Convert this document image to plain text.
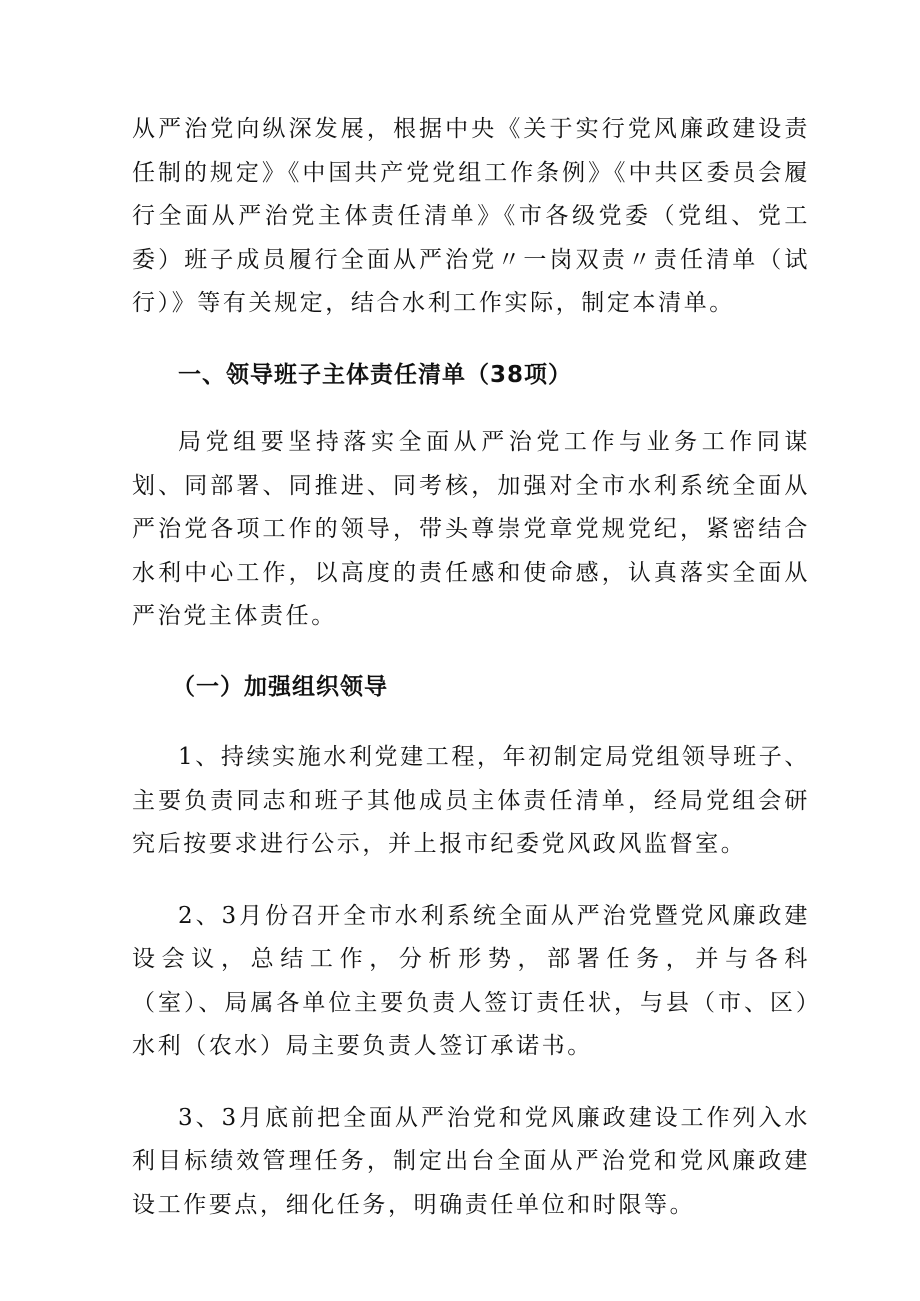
从严治党向纵深发展，根据中央《关于实行党风廉政建设责任制的规定》《中国共产党党组工作条例》《中共区委员会履行全面从严治党主体责任清单》《市各级党委（党组、党工委）班子成员履行全面从严治党〃一岗双责〃责任清单（试行）》等有关规定，结合水利工作实际，制定本清单。

一、领导班子主体责任清单（38项）

局党组要坚持落实全面从严治党工作与业务工作同谋划、同部署、同推进、同考核，加强对全市水利系统全面从严治党各项工作的领导，带头尊崇党章党规党纪，紧密结合水利中心工作，以高度的责任感和使命感，认真落实全面从严治党主体责任。

（一）加强组织领导

1、持续实施水利党建工程，年初制定局党组领导班子、主要负责同志和班子其他成员主体责任清单，经局党组会研究后按要求进行公示，并上报市纪委党风政风监督室。

2、3月份召开全市水利系统全面从严治党暨党风廉政建设会议，总结工作，分析形势，部署任务，并与各科（室）、局属各单位主要负责人签订责任状，与县（市、区）水利（农水）局主要负责人签订承诺书。

3、3月底前把全面从严治党和党风廉政建设工作列入水利目标绩效管理任务，制定出台全面从严治党和党风廉政建设工作要点，细化任务，明确责任单位和时限等。
